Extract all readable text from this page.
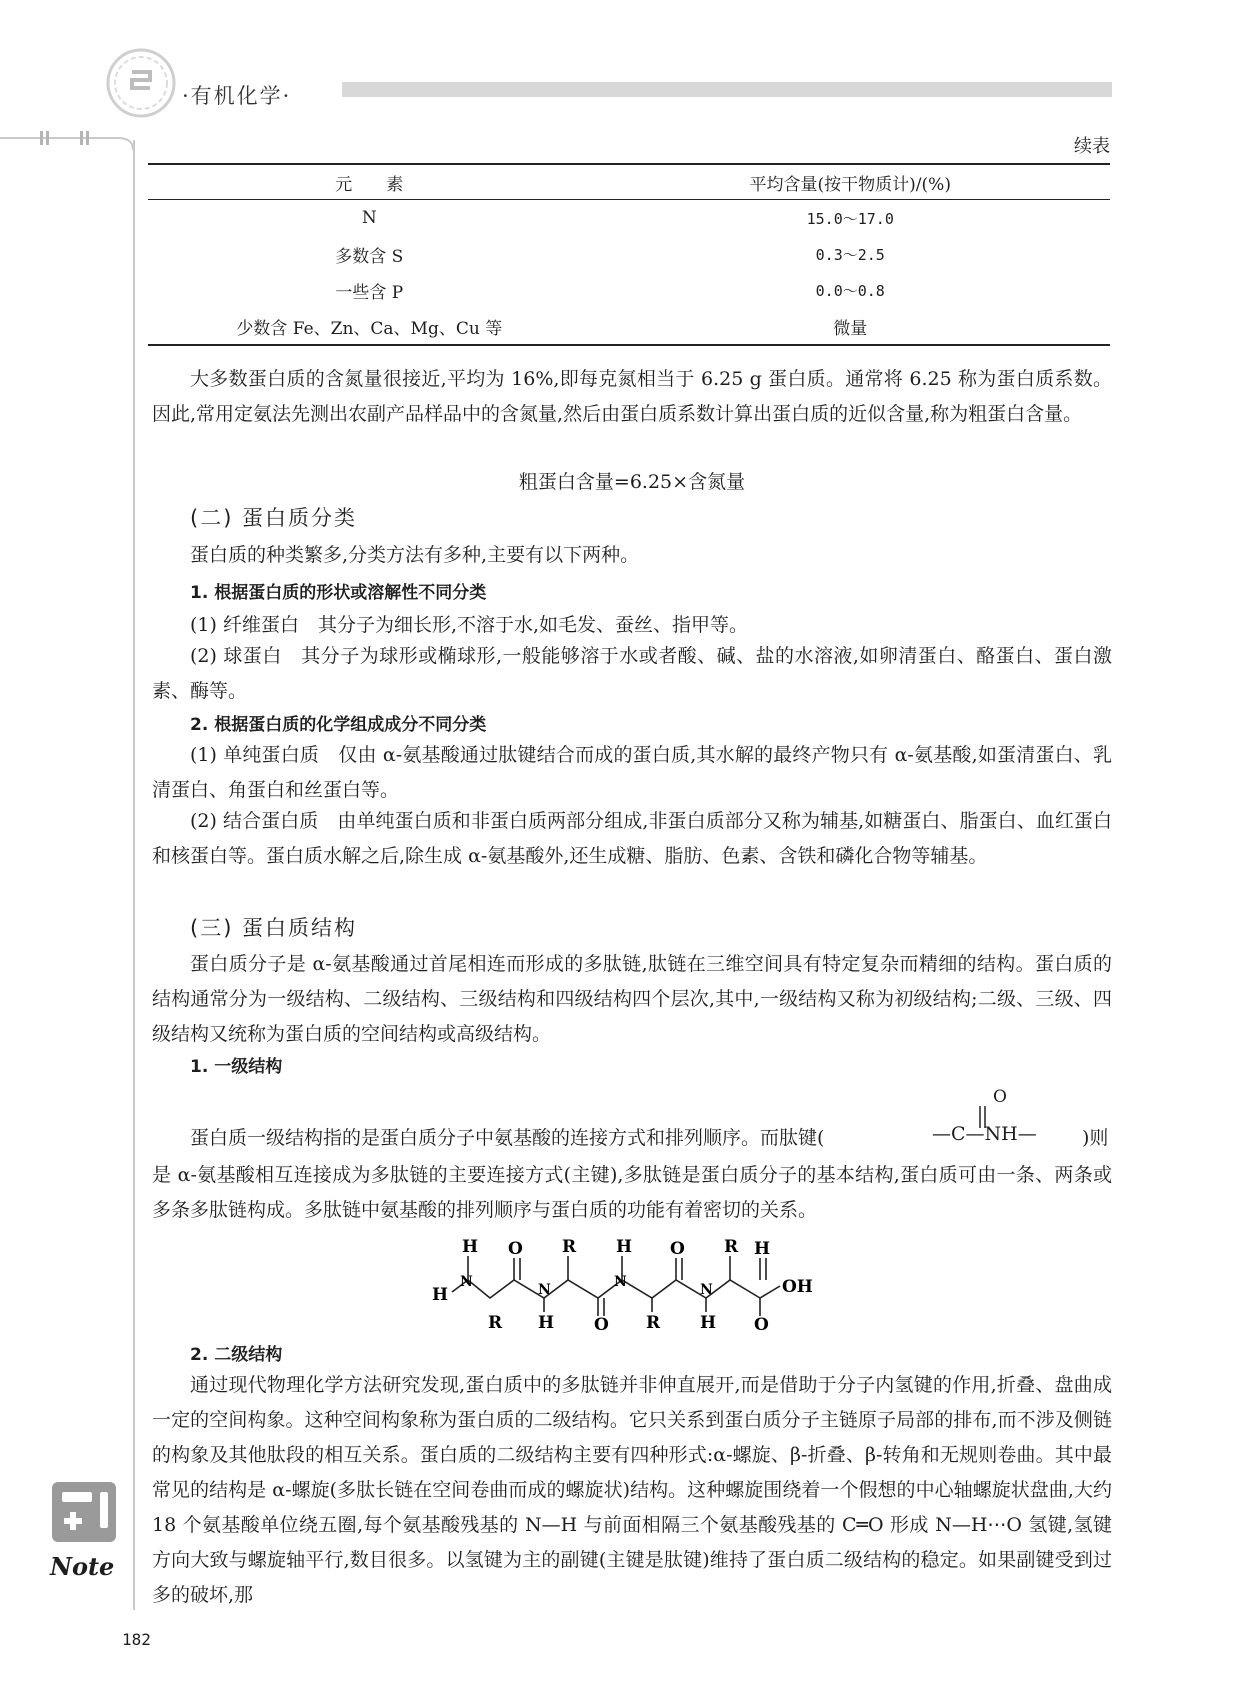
·有机化学·
续表
元　　素	平均含量(按干物质计)/(%)
N	15.0～17.0
多数含 S	0.3～2.5
一些含 P	0.0～0.8
少数含 Fe、Zn、Ca、Mg、Cu 等	微量
大多数蛋白质的含氮量很接近,平均为 16%,即每克氮相当于 6.25 g 蛋白质。通常将 6.25 称为蛋白质系数。因此,常用定氨法先测出农副产品样品中的含氮量,然后由蛋白质系数计算出蛋白质的近似含量,称为粗蛋白含量。
粗蛋白含量=6.25×含氮量
(二) 蛋白质分类
蛋白质的种类繁多,分类方法有多种,主要有以下两种。
1. 根据蛋白质的形状或溶解性不同分类
(1) 纤维蛋白　其分子为细长形,不溶于水,如毛发、蚕丝、指甲等。
(2) 球蛋白　其分子为球形或椭球形,一般能够溶于水或者酸、碱、盐的水溶液,如卵清蛋白、酪蛋白、蛋白激素、酶等。
2. 根据蛋白质的化学组成成分不同分类
(1) 单纯蛋白质　仅由 α-氨基酸通过肽键结合而成的蛋白质,其水解的最终产物只有 α-氨基酸,如蛋清蛋白、乳清蛋白、角蛋白和丝蛋白等。
(2) 结合蛋白质　由单纯蛋白质和非蛋白质两部分组成,非蛋白质部分又称为辅基,如糖蛋白、脂蛋白、血红蛋白和核蛋白等。蛋白质水解之后,除生成 α-氨基酸外,还生成糖、脂肪、色素、含铁和磷化合物等辅基。
(三) 蛋白质结构
蛋白质分子是 α-氨基酸通过首尾相连而形成的多肽链,肽链在三维空间具有特定复杂而精细的结构。蛋白质的结构通常分为一级结构、二级结构、三级结构和四级结构四个层次,其中,一级结构又称为初级结构;二级、三级、四级结构又统称为蛋白质的空间结构或高级结构。
1. 一级结构
蛋白质一级结构指的是蛋白质分子中氨基酸的连接方式和排列顺序。而肽键(
O
—C—NH— )则
是 α-氨基酸相互连接成为多肽链的主要连接方式(主键),多肽链是蛋白质分子的基本结构,蛋白质可由一条、两条或多条多肽链构成。多肽链中氨基酸的排列顺序与蛋白质的功能有着密切的关系。
H
H
N
O
N
H
R
R	O
H
N
R
O
N
H
R
O
H
OH
2. 二级结构
通过现代物理化学方法研究发现,蛋白质中的多肽链并非伸直展开,而是借助于分子内氢键的作用,折叠、盘曲成一定的空间构象。这种空间构象称为蛋白质的二级结构。它只关系到蛋白质分子主链原子局部的排布,而不涉及侧链的构象及其他肽段的相互关系。蛋白质的二级结构主要有四种形式:α-螺旋、β-折叠、β-转角和无规则卷曲。其中最常见的结构是 α-螺旋(多肽长链在空间卷曲而成的螺旋状)结构。这种螺旋围绕着一个假想的中心轴螺旋状盘曲,大约 18 个氨基酸单位绕五圈,每个氨基酸残基的 N—H 与前面相隔三个氨基酸残基的 C═O 形成 N—H⋯O 氢键,氢键方向大致与螺旋轴平行,数目很多。以氢键为主的副键(主键是肽键)维持了蛋白质二级结构的稳定。如果副键受到过多的破坏,那
Note
182
